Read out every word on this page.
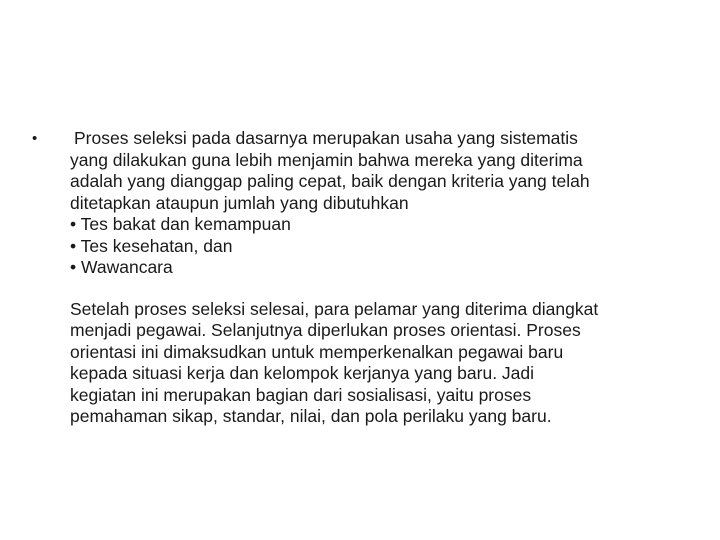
•	Proses seleksi pada dasarnya merupakan usaha yang sistematis
yang dilakukan guna lebih menjamin bahwa mereka yang diterima
adalah yang dianggap paling cepat, baik dengan kriteria yang telah
ditetapkan ataupun jumlah yang dibutuhkan
• Tes bakat dan kemampuan
• Tes kesehatan, dan
• Wawancara
Setelah proses seleksi selesai, para pelamar yang diterima diangkat
menjadi pegawai. Selanjutnya diperlukan proses orientasi. Proses
orientasi ini dimaksudkan untuk memperkenalkan pegawai baru
kepada situasi kerja dan kelompok kerjanya yang baru. Jadi
kegiatan ini merupakan bagian dari sosialisasi, yaitu proses
pemahaman sikap, standar, nilai, dan pola perilaku yang baru.
